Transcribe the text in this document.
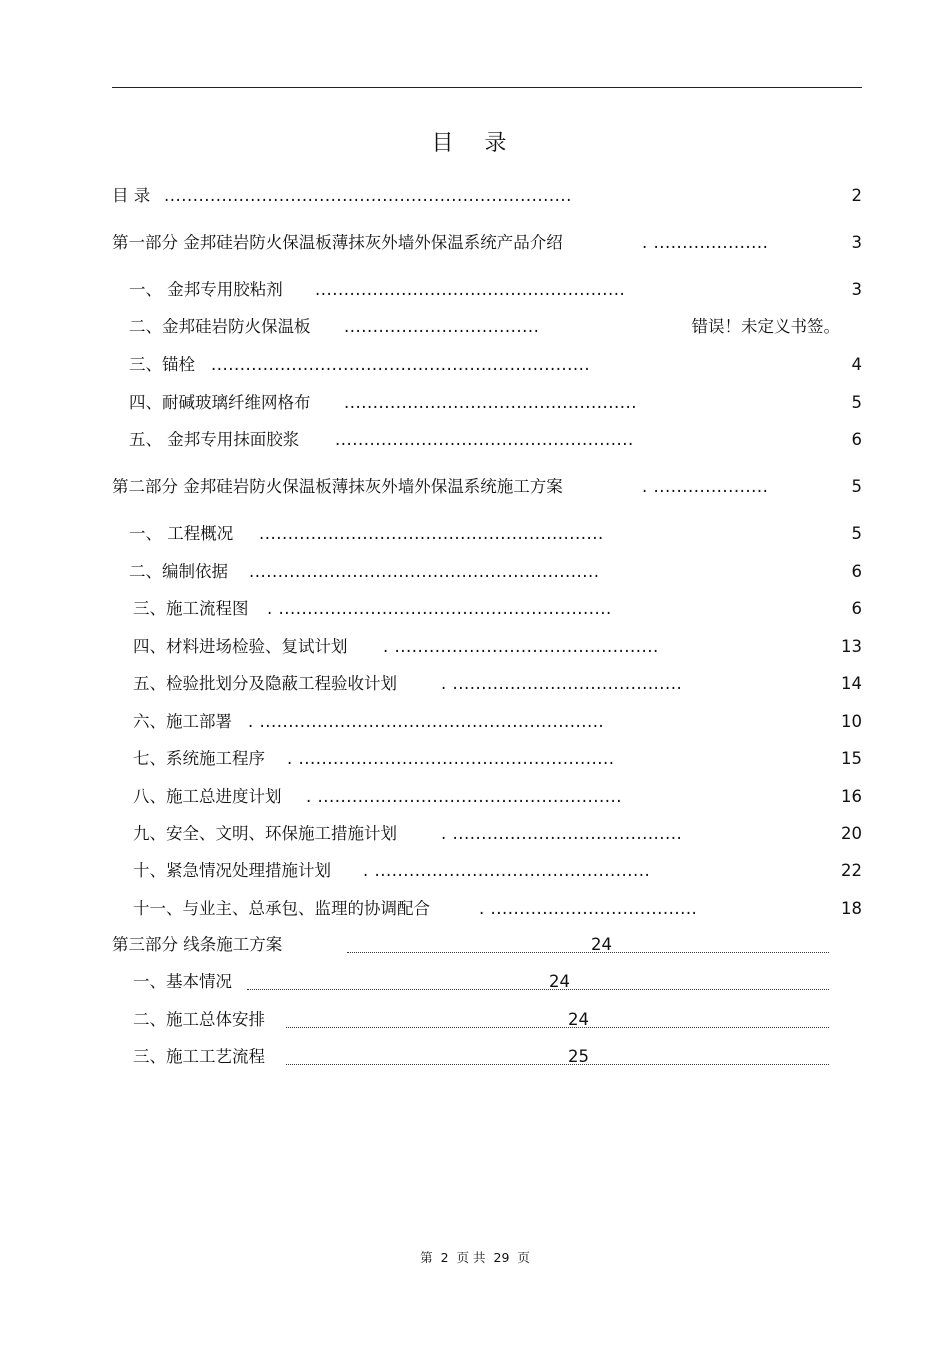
目 录
目 录 .......................................................................	2
第一部分 金邦硅岩防火保温板薄抹灰外墙外保温系统产品介绍	. ....................	3
一、 金邦专用胶粘剂 ......................................................	3
二、金邦硅岩防火保温板 ..................................	错误！未定义书签。
三、锚栓 ..................................................................	4
四、耐碱玻璃纤维网格布 ...................................................	5
五、 金邦专用抹面胶浆 ....................................................	6
第二部分 金邦硅岩防火保温板薄抹灰外墙外保温系统施工方案	. ....................	5
一、 工程概况 ............................................................	5
二、编制依据 .............................................................	6
三、施工流程图 . ..........................................................	6
四、材料进场检验、复试计划 . ..............................................	13
五、检验批划分及隐蔽工程验收计划	. ........................................	14
六、施工部署 . ............................................................	10
七、系统施工程序 . .......................................................	15
八、施工总进度计划 . .....................................................	16
九、安全、文明、环保施工措施计划	. ........................................	20
十、紧急情况处理措施计划 . ................................................	22
十一、与业主、总承包、监理的协调配合	. ....................................	18
第三部分 线条施工方案	24
一、基本情况	24
二、施工总体安排	24
三、施工工艺流程	25
第 2 页 共 29 页
